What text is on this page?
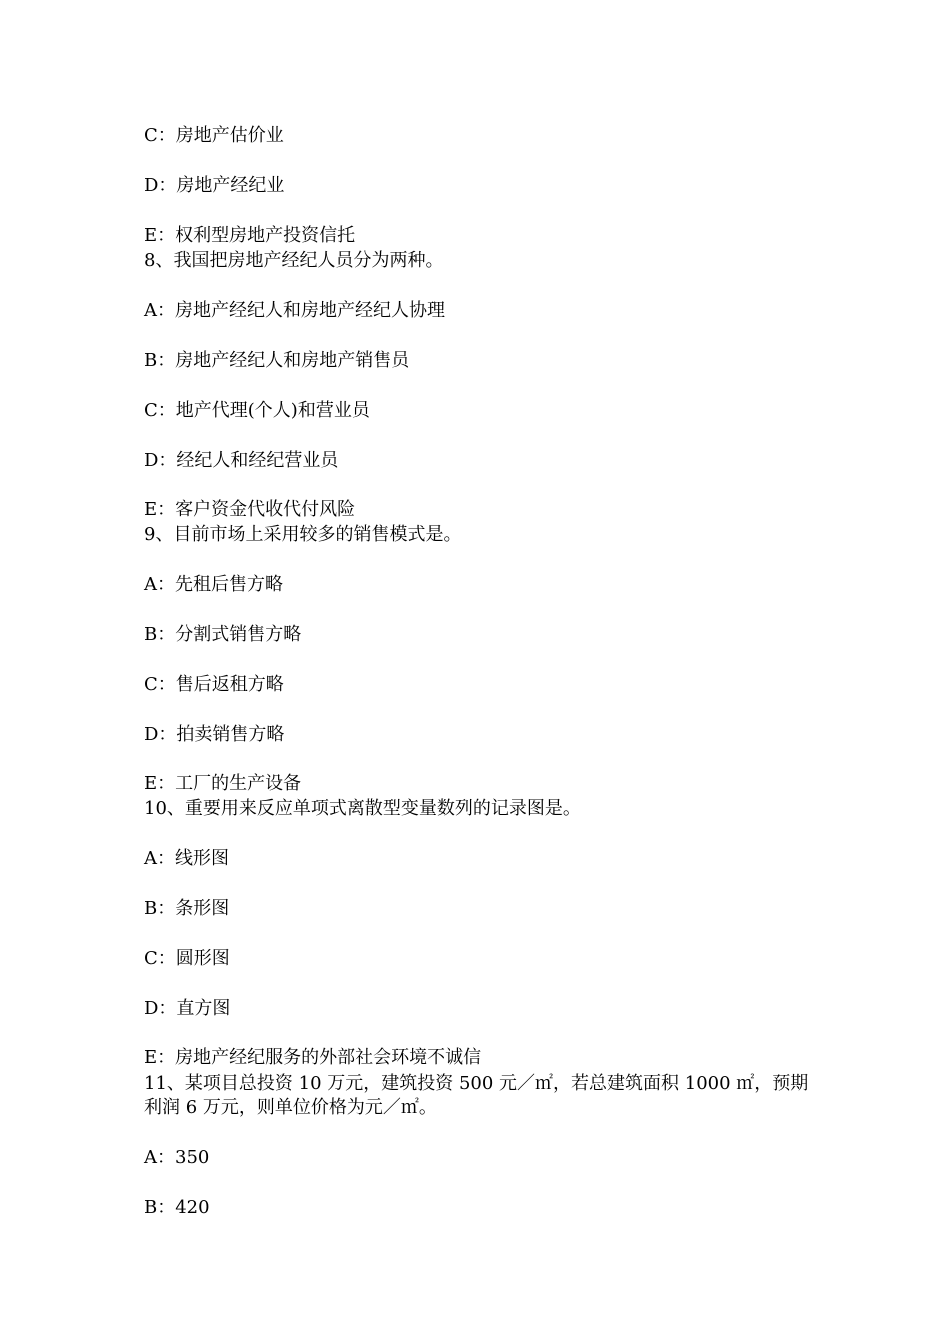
C：房地产估价业
D：房地产经纪业
E：权利型房地产投资信托
8、我国把房地产经纪人员分为两种。
A：房地产经纪人和房地产经纪人协理
B：房地产经纪人和房地产销售员
C：地产代理(个人)和营业员
D：经纪人和经纪营业员
E：客户资金代收代付风险
9、目前市场上采用较多的销售模式是。
A：先租后售方略
B：分割式销售方略
C：售后返租方略
D：拍卖销售方略
E：工厂的生产设备
10、重要用来反应单项式离散型变量数列的记录图是。
A：线形图
B：条形图
C：圆形图
D：直方图
E：房地产经纪服务的外部社会环境不诚信
11、某项目总投资 10 万元，建筑投资 500 元／㎡，若总建筑面积 1000 ㎡，预期利润 6 万元，则单位价格为元／㎡。
A：350
B：420
